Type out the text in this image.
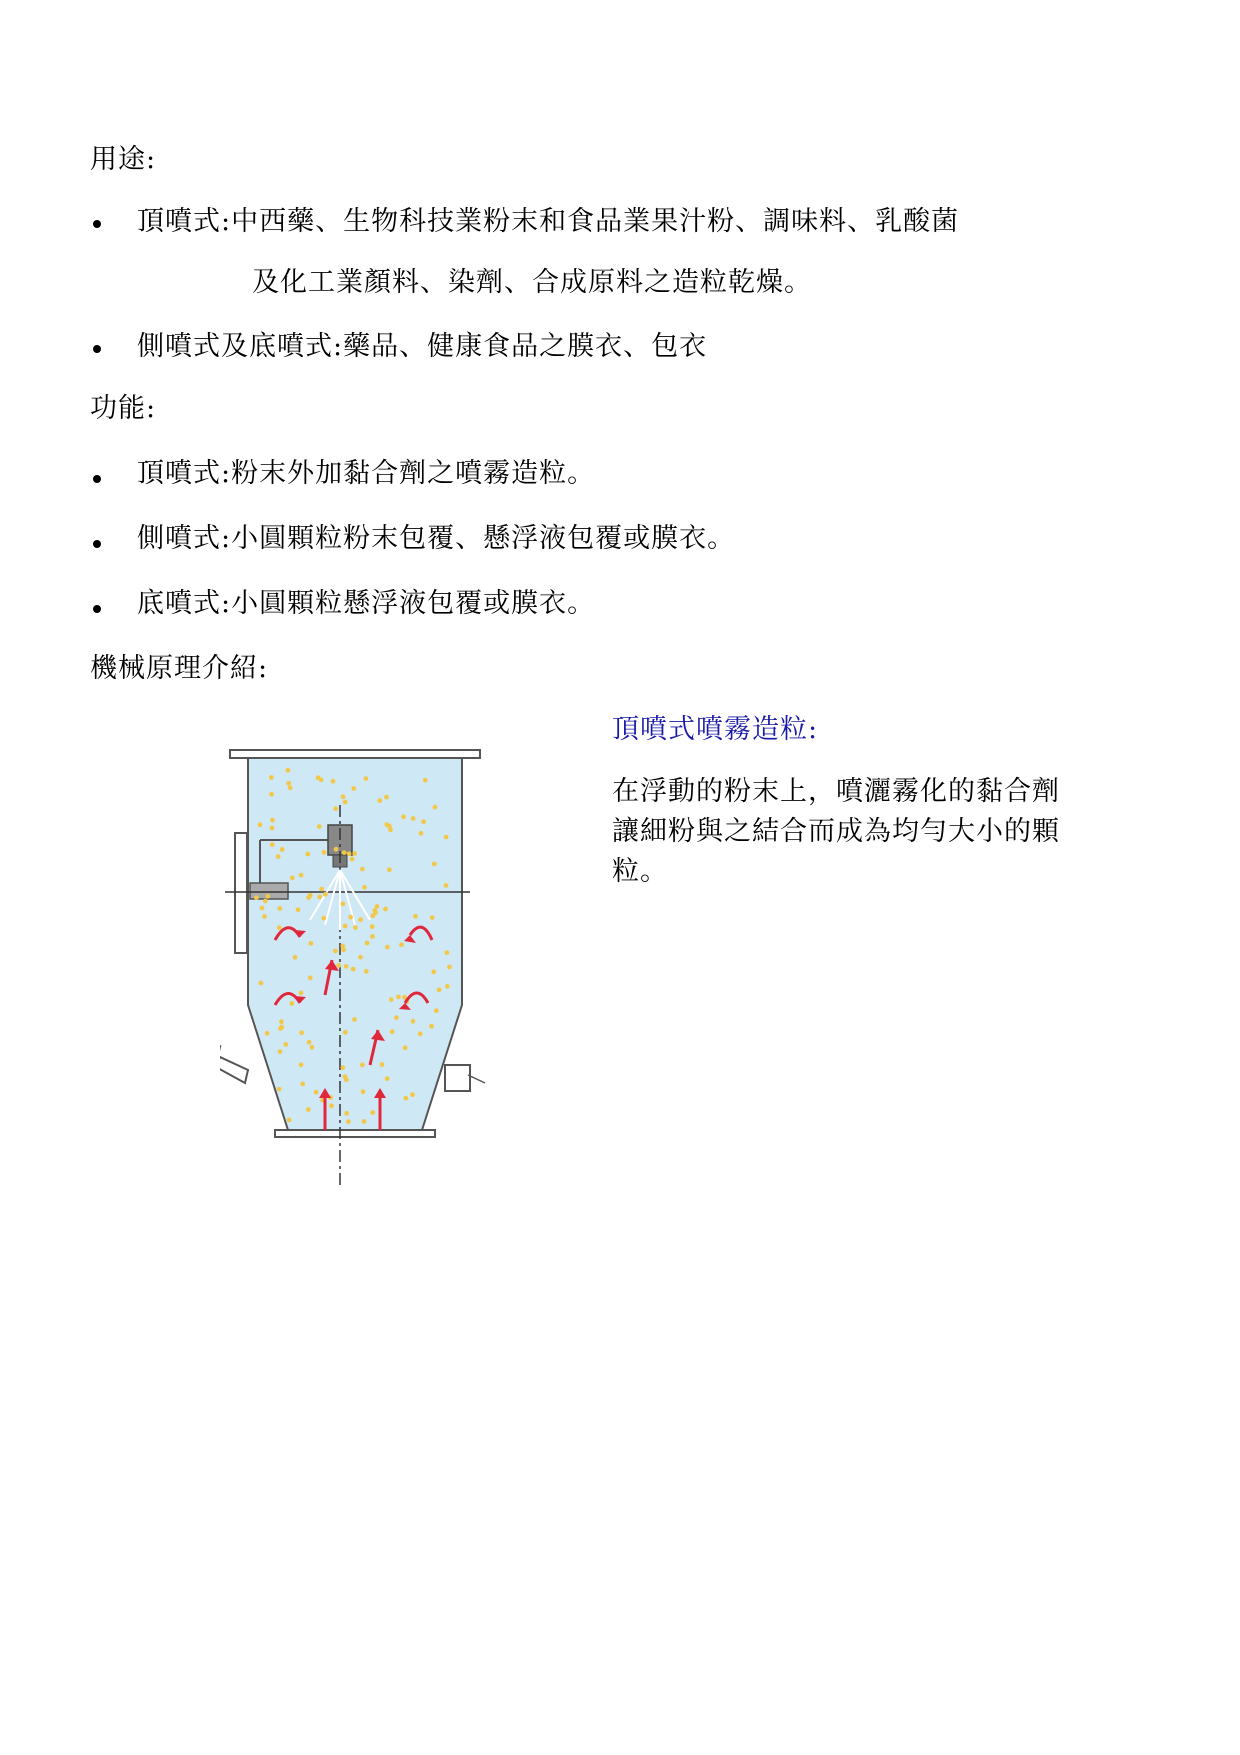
用途:
頂噴式:中西藥、生物科技業粉末和食品業果汁粉、調味料、乳酸菌
及化工業顏料、染劑、合成原料之造粒乾燥。
側噴式及底噴式:藥品、健康食品之膜衣、包衣
功能:
頂噴式:粉末外加黏合劑之噴霧造粒。
側噴式:小圓顆粒粉末包覆、懸浮液包覆或膜衣。
底噴式:小圓顆粒懸浮液包覆或膜衣。
機械原理介紹:
頂噴式噴霧造粒:
在浮動的粉末上，噴灑霧化的黏合劑
讓細粉與之結合而成為均勻大小的顆
粒。
